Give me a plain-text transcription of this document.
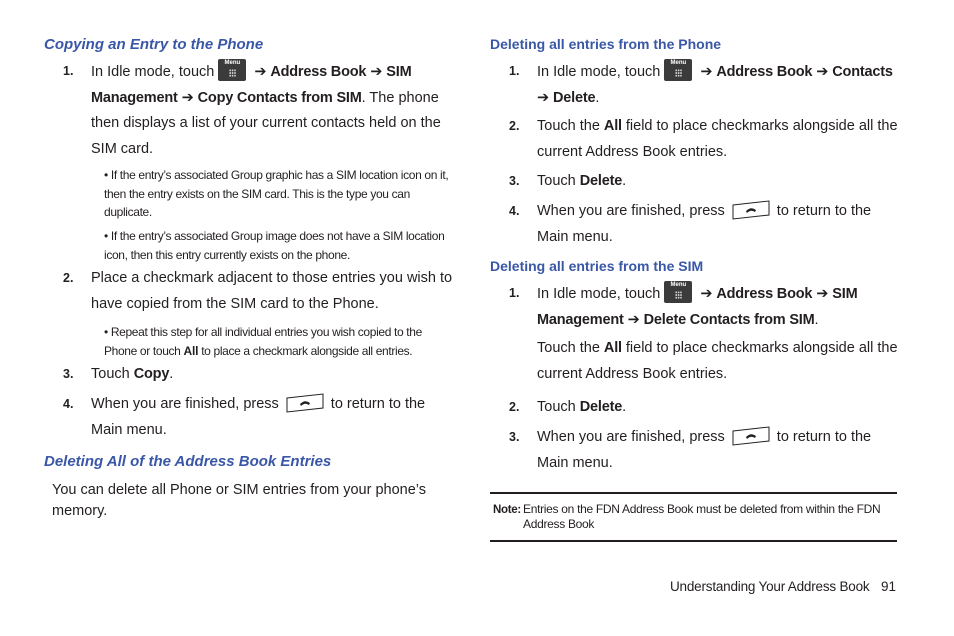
Copying an Entry to the Phone
1. In Idle mode, touch
Menu
➔ Address Book ➔ SIM Management ➔ Copy Contacts from SIM. The phone then displays a list of your current contacts held on the SIM card.
• If the entry’s associated Group graphic has a SIM location icon on it, then the entry exists on the SIM card. This is the type you can duplicate.
• If the entry’s associated Group image does not have a SIM location icon, then this entry currently exists on the phone.
2. Place a checkmark adjacent to those entries you wish to have copied from the SIM card to the Phone.
• Repeat this step for all individual entries you wish copied to the Phone or touch All to place a checkmark alongside all entries.
3. Touch Copy.
4. When you are finished, press	to return to the Main menu.
Deleting All of the Address Book Entries
You can delete all Phone or SIM entries from your phone’s memory.
Deleting all entries from the Phone
1. In Idle mode, touch
Menu
➔ Address Book ➔ Contacts ➔ Delete.
2. Touch the All field to place checkmarks alongside all the current Address Book entries.
3. Touch Delete.
4. When you are finished, press	to return to the Main menu.
Deleting all entries from the SIM
1. In Idle mode, touch
Menu
➔ Address Book ➔ SIM Management ➔ Delete Contacts from SIM.
Touch the All field to place checkmarks alongside all the current Address Book entries.
2. Touch Delete.
3. When you are finished, press	to return to the Main menu.
Note: Entries on the FDN Address Book must be deleted from within the FDN Address Book
Understanding Your Address Book 91
